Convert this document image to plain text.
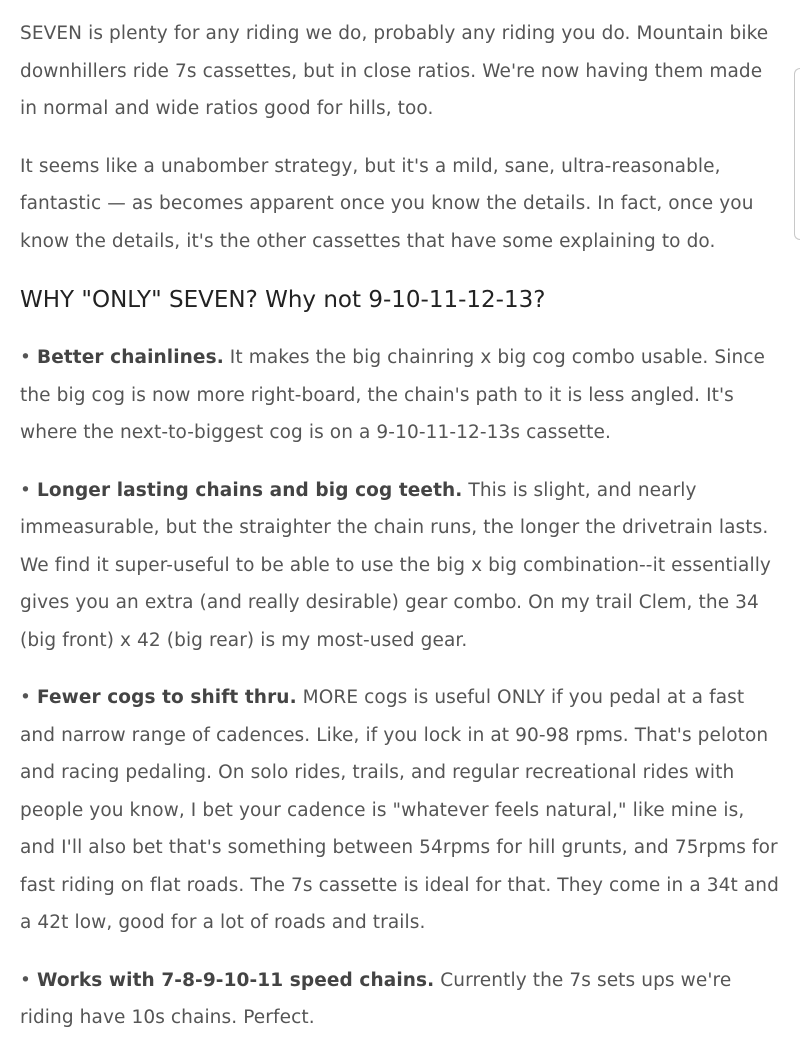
SEVEN is plenty for any riding we do, probably any riding you do. Mountain bike downhillers ride 7s cassettes, but in close ratios. We're now having them made in normal and wide ratios good for hills, too.

It seems like a unabomber strategy, but it's a mild, sane, ultra-reasonable, fantastic — as becomes apparent once you know the details. In fact, once you know the details, it's the other cassettes that have some explaining to do.

WHY "ONLY" SEVEN? Why not 9-10-11-12-13?

• Better chainlines. It makes the big chainring x big cog combo usable. Since the big cog is now more right-board, the chain's path to it is less angled. It's where the next-to-biggest cog is on a 9-10-11-12-13s cassette.

• Longer lasting chains and big cog teeth. This is slight, and nearly immeasurable, but the straighter the chain runs, the longer the drivetrain lasts. We find it super-useful to be able to use the big x big combination--it essentially gives you an extra (and really desirable) gear combo. On my trail Clem, the 34 (big front) x 42 (big rear) is my most-used gear.

• Fewer cogs to shift thru. MORE cogs is useful ONLY if you pedal at a fast and narrow range of cadences. Like, if you lock in at 90-98 rpms. That's peloton and racing pedaling. On solo rides, trails, and regular recreational rides with people you know, I bet your cadence is "whatever feels natural," like mine is, and I'll also bet that's something between 54rpms for hill grunts, and 75rpms for fast riding on flat roads. The 7s cassette is ideal for that. They come in a 34t and a 42t low, good for a lot of roads and trails.

• Works with 7-8-9-10-11 speed chains. Currently the 7s sets ups we're riding have 10s chains. Perfect.
